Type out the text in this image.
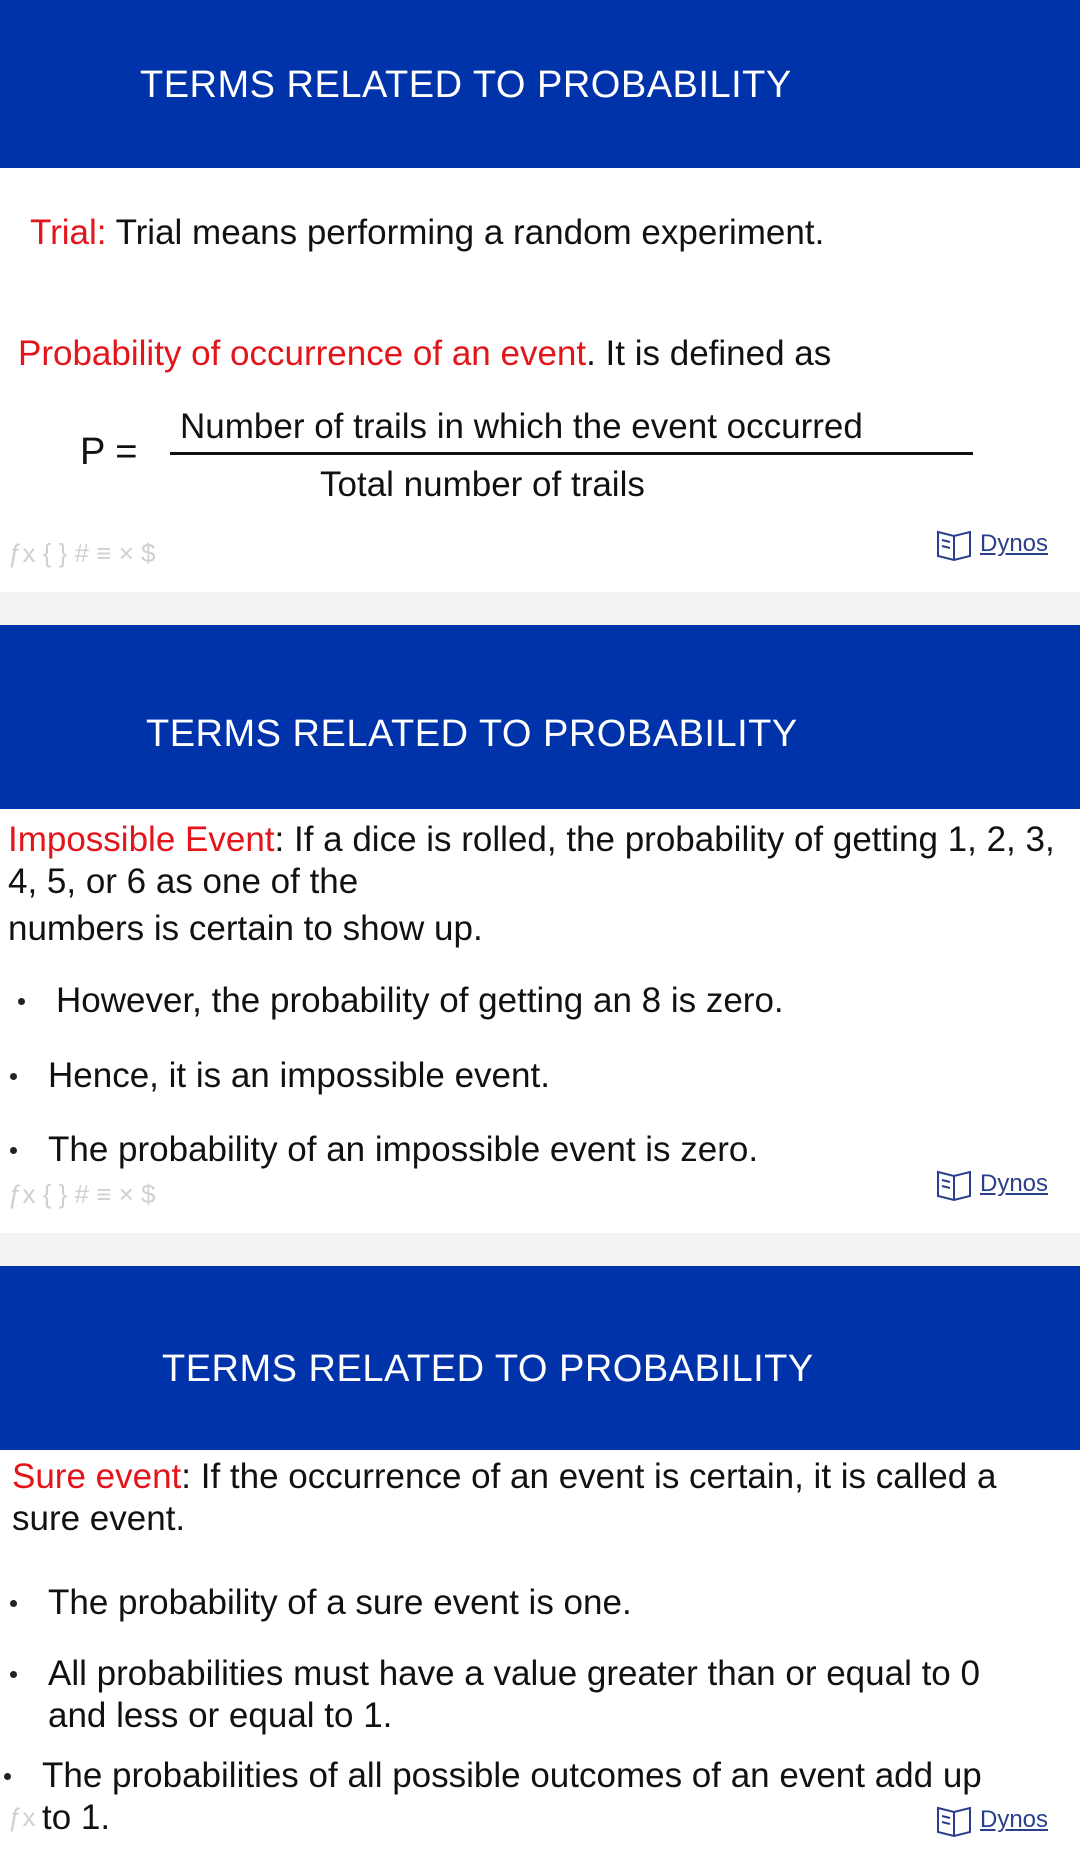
TERMS RELATED TO PROBABILITY
Trial: Trial means performing a random experiment.
Probability of occurrence of an event. It is defined as
P =
Number of trails in which the event occurred
Total number of trails
ƒx { } # ≡ × $	Dynos
TERMS RELATED TO PROBABILITY
Impossible Event: If a dice is rolled, the probability of getting 1, 2, 3,
4, 5, or 6 as one of the
numbers is certain to show up.
However, the probability of getting an 8 is zero.
Hence, it is an impossible event.
The probability of an impossible event is zero.
ƒx { } # ≡ × $	Dynos
TERMS RELATED TO PROBABILITY
Sure event: If the occurrence of an event is certain, it is called a
sure event.
The probability of a sure event is one.
All probabilities must have a value greater than or equal to 0
and less or equal to 1.
The probabilities of all possible outcomes of an event add up
to 1.
ƒx	Dynos
